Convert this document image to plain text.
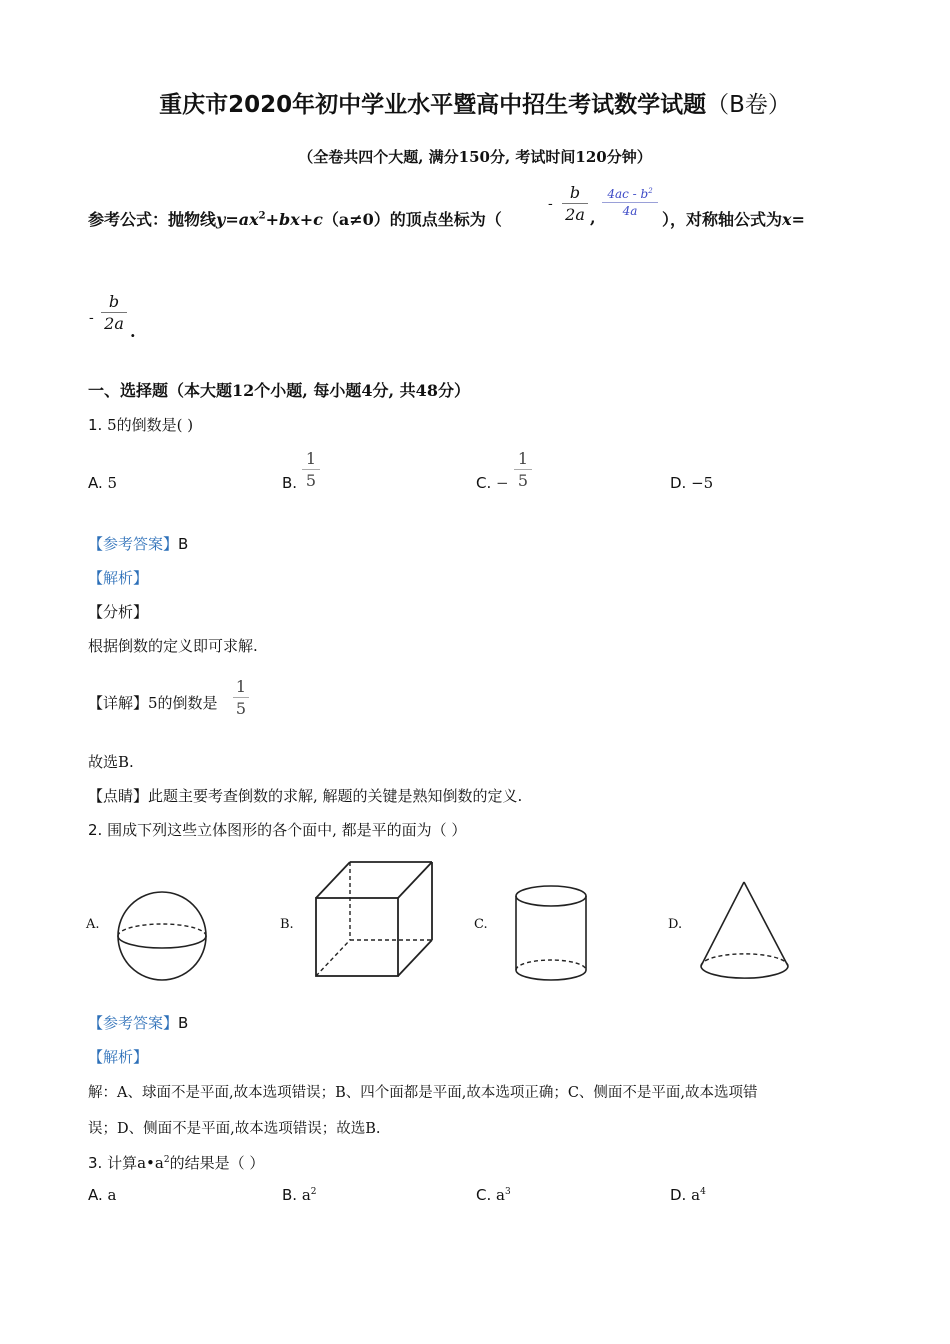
重庆市2020年初中学业水平暨高中招生考试数学试题（B卷）
（全卷共四个大题, 满分150分, 考试时间120分钟）
参考公式：抛物线$y=ax^2+bx+c(a\ne 0)$的顶点坐标为（
-
b
2a ,
$4ac - b^2$
4a	），对称轴公式为x=
-
b
2a .
一、选择题（本大题12个小题, 每小题4分, 共48分）
1. 5的倒数是( )
A. 5	B.
1
5	C. −
1
5	D. −5
【参考答案】B
【解析】
【分析】
根据倒数的定义即可求解.
【详解】5的倒数是
1
5
故选B.
【点睛】此题主要考查倒数的求解, 解题的关键是熟知倒数的定义.
2. 围成下列这些立体图形的各个面中, 都是平的面为（ ）
A.	B.	C.	D.
【参考答案】B
【解析】
解：A、球面不是平面,故本选项错误；B、四个面都是平面,故本选项正确；C、侧面不是平面,故本选项错
误；D、侧面不是平面,故本选项错误；故选B.
3. 计算$a•a^2$的结果是（ ）
A. a	B. $a^2$	C. $a^3$	D. $a^4$
